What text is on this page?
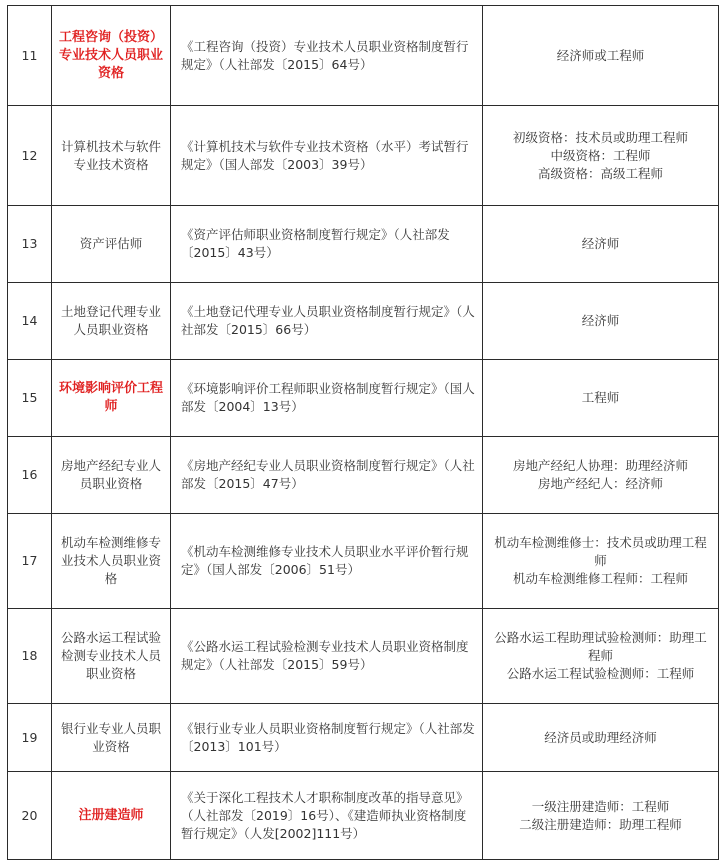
11	工程咨询（投资）专业技术人员职业资格	《工程咨询（投资）专业技术人员职业资格制度暂行规定》（人社部发〔2015〕64号）	经济师或工程师

12	计算机技术与软件专业技术资格	《计算机技术与软件专业技术资格（水平）考试暂行规定》（国人部发〔2003〕39号）	初级资格：技术员或助理工程师
中级资格：工程师
高级资格：高级工程师

13	资产评估师	《资产评估师职业资格制度暂行规定》（人社部发〔2015〕43号）	经济师

14	土地登记代理专业人员职业资格	《土地登记代理专业人员职业资格制度暂行规定》（人社部发〔2015〕66号）	经济师

15	环境影响评价工程师	《环境影响评价工程师职业资格制度暂行规定》（国人部发〔2004〕13号）	工程师

16	房地产经纪专业人员职业资格	《房地产经纪专业人员职业资格制度暂行规定》（人社部发〔2015〕47号）	房地产经纪人协理：助理经济师
房地产经纪人：经济师

17	机动车检测维修专业技术人员职业资格	《机动车检测维修专业技术人员职业水平评价暂行规定》（国人部发〔2006〕51号）	机动车检测维修士：技术员或助理工程师
机动车检测维修工程师：工程师

18	公路水运工程试验检测专业技术人员职业资格	《公路水运工程试验检测专业技术人员职业资格制度规定》（人社部发〔2015〕59号）	公路水运工程助理试验检测师：助理工程师
公路水运工程试验检测师：工程师

19	银行业专业人员职业资格	《银行业专业人员职业资格制度暂行规定》（人社部发〔2013〕101号）	经济员或助理经济师

20	注册建造师	《关于深化工程技术人才职称制度改革的指导意见》（人社部发〔2019〕16号）、《建造师执业资格制度暂行规定》（人发[2002]111号）	一级注册建造师：工程师
二级注册建造师：助理工程师
